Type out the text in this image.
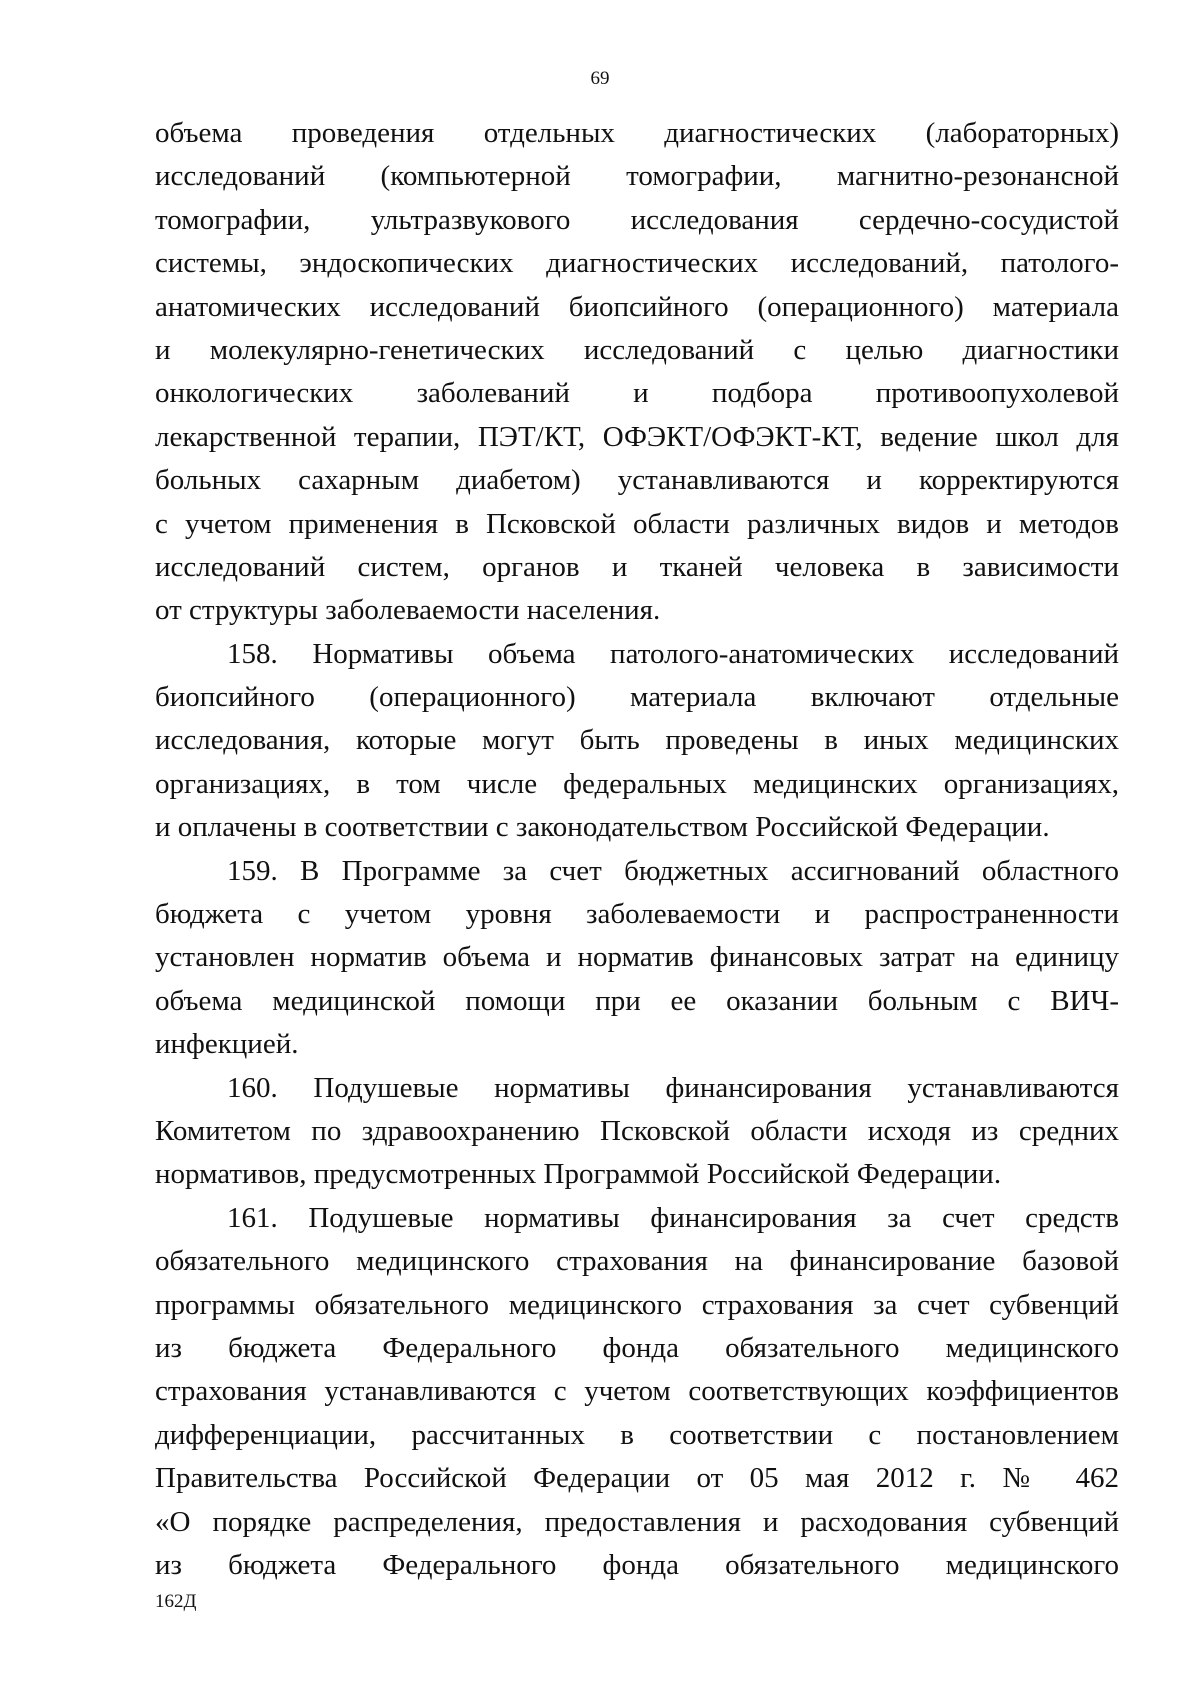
69
объема проведения отдельных диагностических (лабораторных)
исследований (компьютерной томографии, магнитно-резонансной
томографии, ультразвукового исследования сердечно-сосудистой
системы, эндоскопических диагностических исследований, патолого-
анатомических исследований биопсийного (операционного) материала
и молекулярно-генетических исследований с целью диагностики
онкологических заболеваний и подбора противоопухолевой
лекарственной терапии, ПЭТ/КТ, ОФЭКТ/ОФЭКТ-КТ, ведение школ для
больных сахарным диабетом) устанавливаются и корректируются
с учетом применения в Псковской области различных видов и методов
исследований систем, органов и тканей человека в зависимости
от структуры заболеваемости населения.
158. Нормативы объема патолого-анатомических исследований
биопсийного (операционного) материала включают отдельные
исследования, которые могут быть проведены в иных медицинских
организациях, в том числе федеральных медицинских организациях,
и оплачены в соответствии с законодательством Российской Федерации.
159. В Программе за счет бюджетных ассигнований областного
бюджета с учетом уровня заболеваемости и распространенности
установлен норматив объема и норматив финансовых затрат на единицу
объема медицинской помощи при ее оказании больным с ВИЧ-
инфекцией.
160. Подушевые нормативы финансирования устанавливаются
Комитетом по здравоохранению Псковской области исходя из средних
нормативов, предусмотренных Программой Российской Федерации.
161. Подушевые нормативы финансирования за счет средств
обязательного медицинского страхования на финансирование базовой
программы обязательного медицинского страхования за счет субвенций
из бюджета Федерального фонда обязательного медицинского
страхования устанавливаются с учетом соответствующих коэффициентов
дифференциации, рассчитанных в соответствии с постановлением
Правительства Российской Федерации от 05 мая 2012 г. № 462
«О порядке распределения, предоставления и расходования субвенций
из бюджета Федерального фонда обязательного медицинского
162Д
